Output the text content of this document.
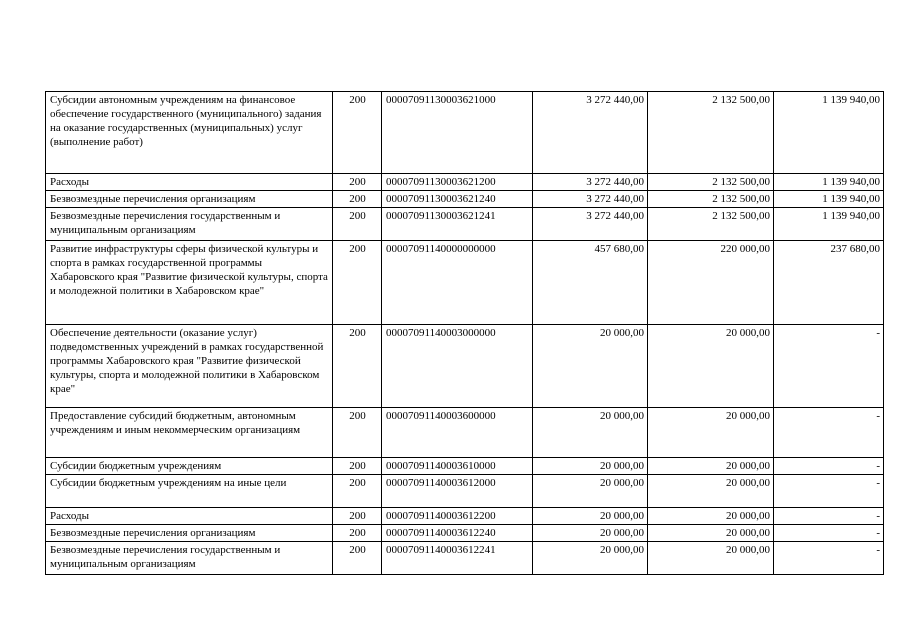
Субсидии автономным учреждениям на финансовое обеспечение государственного (муниципального) задания на оказание государственных (муниципальных) услуг (выполнение работ)	200	00007091130003621000	3 272 440,00	2 132 500,00	1 139 940,00
Расходы	200	00007091130003621200	3 272 440,00	2 132 500,00	1 139 940,00
Безвозмездные перечисления организациям	200	00007091130003621240	3 272 440,00	2 132 500,00	1 139 940,00
Безвозмездные перечисления государственным и муниципальным организациям	200	00007091130003621241	3 272 440,00	2 132 500,00	1 139 940,00
Развитие инфраструктуры сферы физической культуры и спорта в рамках государственной программы Хабаровского края "Развитие физической культуры, спорта и молодежной политики в Хабаровском крае"	200	00007091140000000000	457 680,00	220 000,00	237 680,00
Обеспечение деятельности (оказание услуг) подведомственных учреждений в рамках государственной программы Хабаровского края "Развитие физической культуры, спорта и молодежной политики в Хабаровском крае"	200	00007091140003000000	20 000,00	20 000,00	-
Предоставление субсидий бюджетным, автономным учреждениям и иным некоммерческим организациям	200	00007091140003600000	20 000,00	20 000,00	-
Субсидии бюджетным учреждениям	200	00007091140003610000	20 000,00	20 000,00	-
Субсидии бюджетным учреждениям на иные цели	200	00007091140003612000	20 000,00	20 000,00	-
Расходы	200	00007091140003612200	20 000,00	20 000,00	-
Безвозмездные перечисления организациям	200	00007091140003612240	20 000,00	20 000,00	-
Безвозмездные перечисления государственным и муниципальным организациям	200	00007091140003612241	20 000,00	20 000,00	-
